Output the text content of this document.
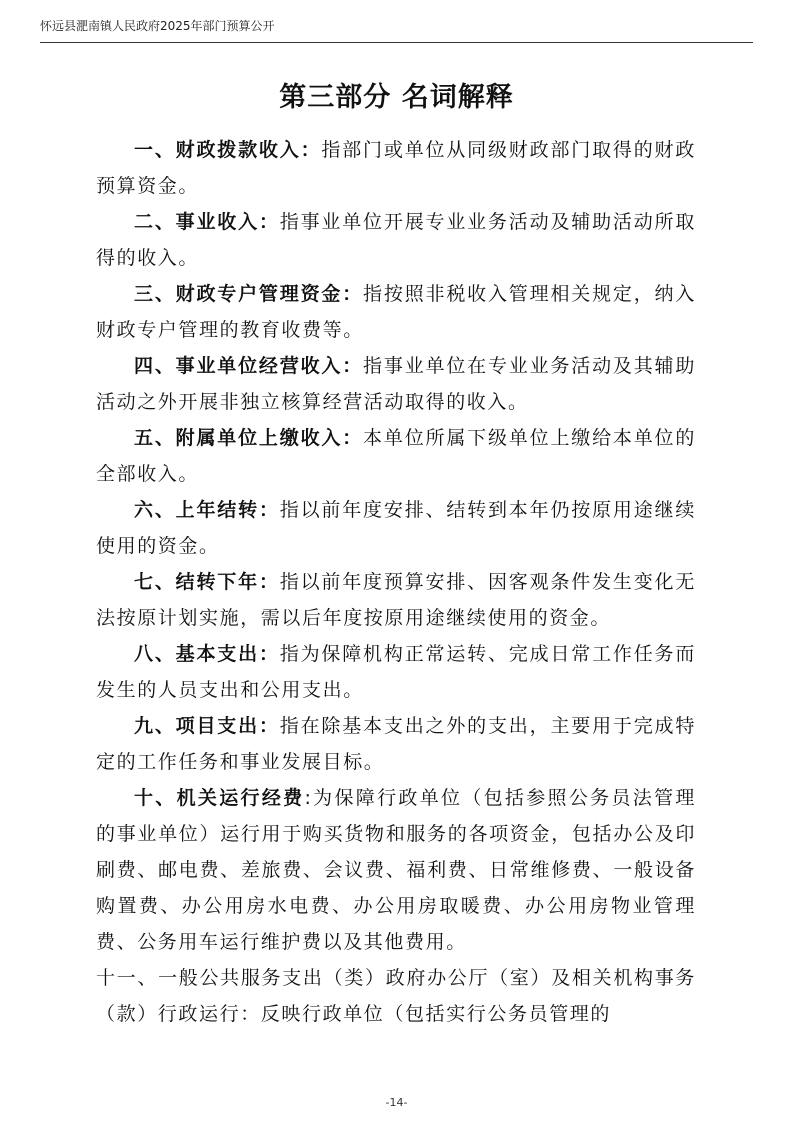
怀远县淝南镇人民政府2025年部门预算公开
第三部分 名词解释

一、财政拨款收入：指部门或单位从同级财政部门取得的财政预算资金。

二、事业收入：指事业单位开展专业业务活动及辅助活动所取得的收入。

三、财政专户管理资金：指按照非税收入管理相关规定，纳入财政专户管理的教育收费等。

四、事业单位经营收入：指事业单位在专业业务活动及其辅助活动之外开展非独立核算经营活动取得的收入。

五、附属单位上缴收入：本单位所属下级单位上缴给本单位的全部收入。

六、上年结转：指以前年度安排、结转到本年仍按原用途继续使用的资金。

七、结转下年：指以前年度预算安排、因客观条件发生变化无法按原计划实施，需以后年度按原用途继续使用的资金。

八、基本支出：指为保障机构正常运转、完成日常工作任务而发生的人员支出和公用支出。

九、项目支出：指在除基本支出之外的支出，主要用于完成特定的工作任务和事业发展目标。

十、机关运行经费:为保障行政单位（包括参照公务员法管理的事业单位）运行用于购买货物和服务的各项资金，包括办公及印刷费、邮电费、差旅费、会议费、福利费、日常维修费、一般设备购置费、办公用房水电费、办公用房取暖费、办公用房物业管理费、公务用车运行维护费以及其他费用。

十一、一般公共服务支出（类）政府办公厅（室）及相关机构事务（款）行政运行：反映行政单位（包括实行公务员管理的

-14-
